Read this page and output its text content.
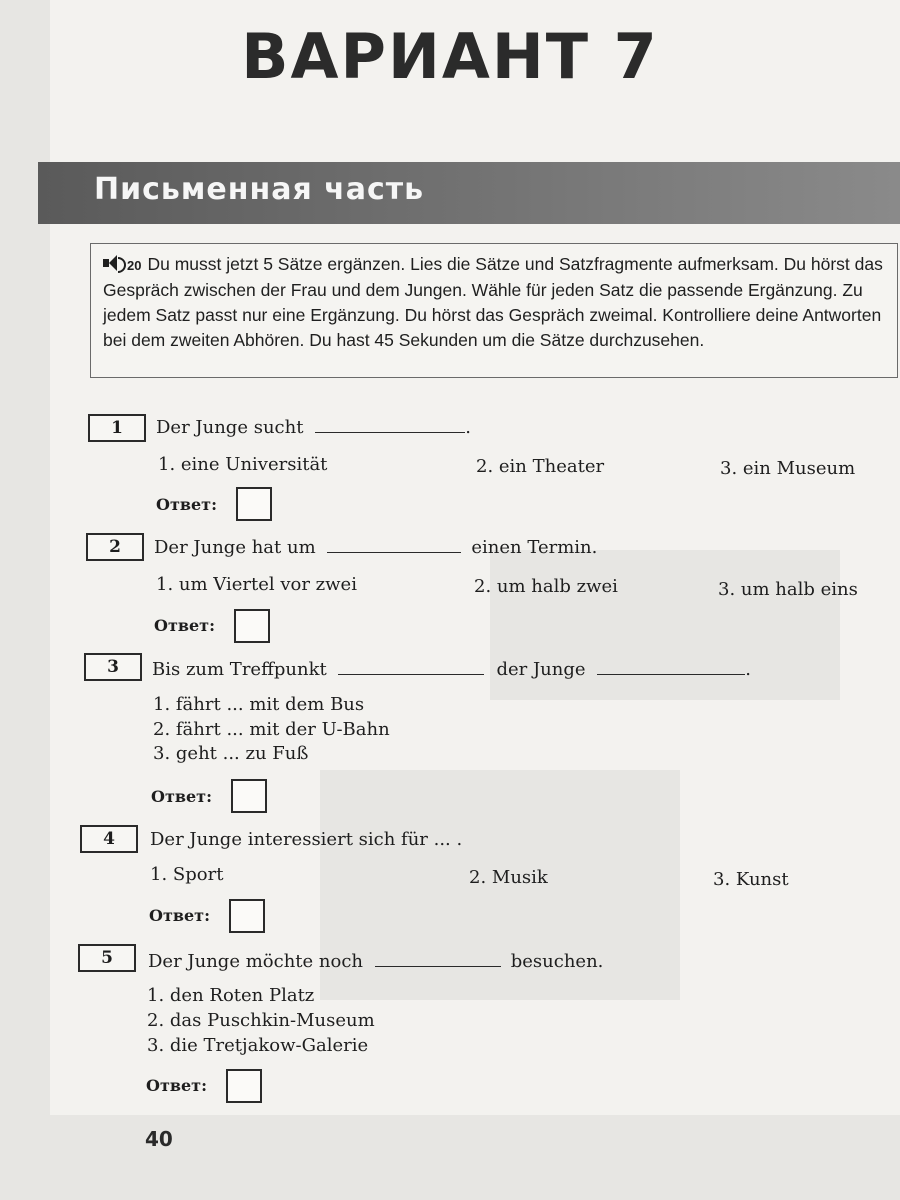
ВАРИАНТ 7
Письменная часть
20 Du musst jetzt 5 Sätze ergänzen. Lies die Sätze und Satzfragmente aufmerksam. Du hörst das Gespräch zwischen der Frau und dem Jungen. Wähle für jeden Satz die passende Ergänzung. Zu jedem Satz passt nur eine Ergänzung. Du hörst das Gespräch zweimal. Kontrolliere deine Antworten bei dem zweiten Abhören. Du hast 45 Sekunden um die Sätze durchzusehen.
1	Der Junge sucht	.
1. eine Universität	2. ein Theater	3. ein Museum
Ответ:
2	Der Junge hat um	einen Termin.
1. um Viertel vor zwei	2. um halb zwei	3. um halb eins
Ответ:
3	Bis zum Treffpunkt	der Junge	.
1. fährt ... mit dem Bus
2. fährt ... mit der U-Bahn
3. geht ... zu Fuß
Ответ:
4	Der Junge interessiert sich für ... .
1. Sport	2. Musik	3. Kunst
Ответ:
5	Der Junge möchte noch	besuchen.
1. den Roten Platz
2. das Puschkin-Museum
3. die Tretjakow-Galerie
Ответ:
40
